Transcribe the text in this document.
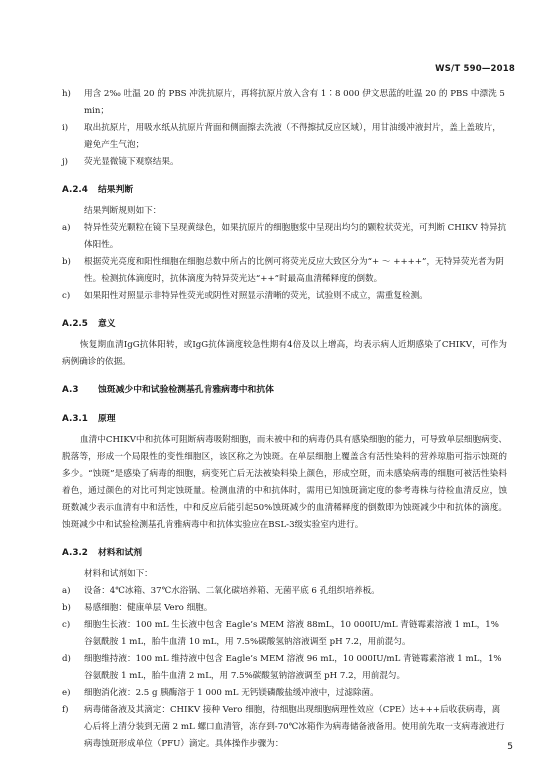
WS/T 590—2018

h) 用含 2‰ 吐温 20 的 PBS 冲洗抗原片，再将抗原片放入含有 1∶8 000 伊文思蓝的吐温 20 的 PBS 中漂洗 5 min；

i) 取出抗原片，用吸水纸从抗原片背面和侧面擦去洗液（不得擦拭反应区域），用甘油缓冲液封片，盖上盖玻片，避免产生气泡；

j) 荧光显微镜下观察结果。

A.2.4 结果判断

结果判断规则如下：

a) 特异性荧光颗粒在镜下呈现黄绿色，如果抗原片的细胞胞浆中呈现出均匀的颗粒状荧光，可判断 CHIKV 特异抗体阳性。

b) 根据荧光亮度和阳性细胞在细胞总数中所占的比例可将荧光反应大致区分为“+ ～ ++++”，无特异荧光者为阴性。检测抗体滴度时，抗体滴度为特异荧光达“++”时最高血清稀释度的倒数。

c) 如果阳性对照显示非特异性荧光或阴性对照显示清晰的荧光，试验则不成立，需重复检测。

A.2.5 意义

恢复期血清IgG抗体阳转，或IgG抗体滴度较急性期有4倍及以上增高，均表示病人近期感染了CHIKV，可作为病例确诊的依据。

A.3 蚀斑减少中和试验检测基孔肯雅病毒中和抗体
A.3.1 原理

血清中CHIKV中和抗体可阻断病毒吸附细胞，而未被中和的病毒仍具有感染细胞的能力，可导致单层细胞病变、脱落等，形成一个局限性的变性细胞区，该区称之为蚀斑。在单层细胞上覆盖含有活性染料的营养琼脂可指示蚀斑的多少。“蚀斑”是感染了病毒的细胞，病变死亡后无法被染料染上颜色，形成空斑，而未感染病毒的细胞可被活性染料着色，通过颜色的对比可判定蚀斑量。检测血清的中和抗体时，需用已知蚀斑滴定度的参考毒株与待检血清反应，蚀斑数减少表示血清有中和活性，中和反应后能引起50%蚀斑减少的血清稀释度的倒数即为蚀斑减少中和抗体的滴度。蚀斑减少中和试验检测基孔肯雅病毒中和抗体实验应在BSL-3级实验室内进行。

A.3.2 材料和试剂

材料和试剂如下：

a) 设备：4℃冰箱、37℃水浴锅、二氧化碳培养箱、无菌平底 6 孔组织培养板。

b) 易感细胞：健康单层 Vero 细胞。

c) 细胞生长液：100 mL 生长液中包含 Eagle’s MEM 溶液 88mL，10 000IU/mL 青链霉素溶液 1 mL，1%谷氨酰胺 1 mL，胎牛血清 10 mL，用 7.5%碳酸氢钠溶液调至 pH 7.2，用前混匀。

d) 细胞维持液：100 mL 维持液中包含 Eagle’s MEM 溶液 96 mL，10 000IU/mL 青链霉素溶液 1 mL，1%谷氨酰胺 1 mL，胎牛血清 2 mL，用 7.5%碳酸氢钠溶液调至 pH 7.2，用前混匀。

e) 细胞消化液：2.5 g 胰酶溶于 1 000 mL 无钙镁磷酸盐缓冲液中，过滤除菌。

f) 病毒储备液及其滴定：CHIKV 接种 Vero 细胞，待细胞出现细胞病理性效应（CPE）达+++后收获病毒，离心后将上清分装到无菌 2 mL 螺口血清管，冻存到-70℃冰箱作为病毒储备液备用。使用前先取一支病毒液进行病毒蚀斑形成单位（PFU）滴定。具体操作步骤为：	5
